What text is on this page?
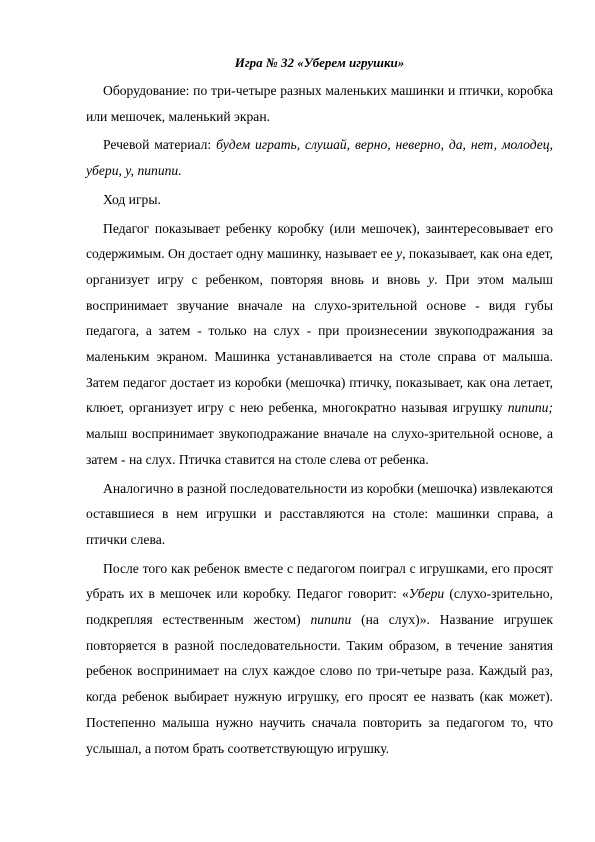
Игра № 32 «Уберем игрушки»

Оборудование: по три-четыре разных маленьких машинки и птички, коробка или мешочек, маленький экран.

Речевой материал: будем играть, слушай, верно, неверно, да, нет, молодец, убери, у, пипипи.

Ход игры.

Педагог показывает ребенку коробку (или мешочек), заинтересовывает его содержимым. Он достает одну машинку, называет ее у, показывает, как она едет, организует игру с ребенком, повторяя вновь и вновь у. При этом малыш воспринимает звучание вначале на слухо-зрительной основе - видя губы педагога, а затем - только на слух - при произнесении звукоподражания за маленьким экраном. Машинка устанавливается на столе справа от малыша. Затем педагог достает из коробки (мешочка) птичку, показывает, как она летает, клюет, организует игру с нею ребенка, многократно называя игрушку пипипи; малыш воспринимает звукоподражание вначале на слухо-зрительной основе, а затем - на слух. Птичка ставится на столе слева от ребенка.

Аналогично в разной последовательности из коробки (мешочка) извлекаются оставшиеся в нем игрушки и расставляются на столе: машинки справа, а птички слева.

После того как ребенок вместе с педагогом поиграл с игрушками, его просят убрать их в мешочек или коробку. Педагог говорит: «Убери (слухо-зрительно, подкрепляя естественным жестом) пипипи (на слух)». Название игрушек повторяется в разной последовательности. Таким образом, в течение занятия ребенок воспринимает на слух каждое слово по три-четыре раза. Каждый раз, когда ребенок выбирает нужную игрушку, его просят ее назвать (как может). Постепенно малыша нужно научить сначала повторить за педагогом то, что услышал, а потом брать соответствующую игрушку.
